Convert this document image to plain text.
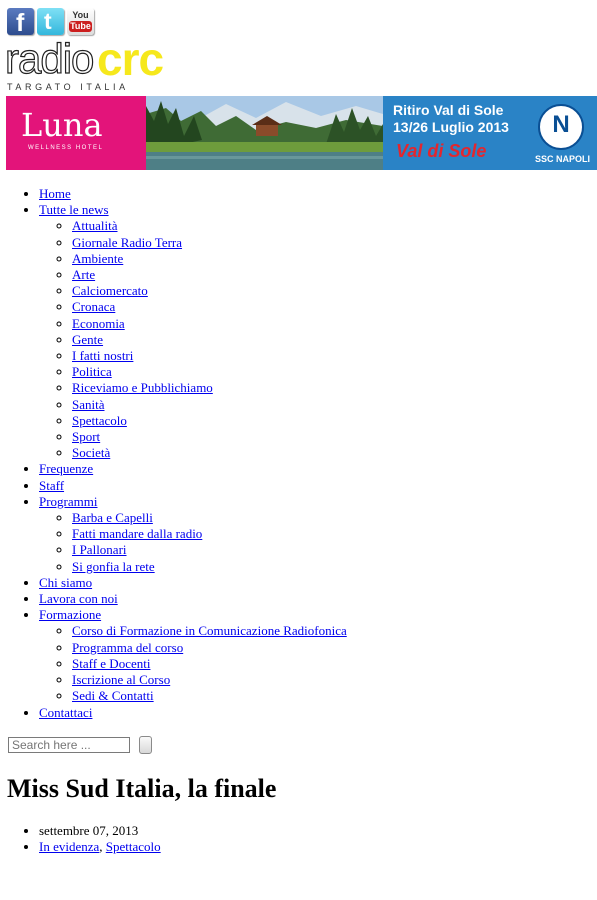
f t	You
Tube
radio crc
TARGATO ITALIA
Luna
WELLNESS HOTEL
Ritiro Val di Sole
13/26 Luglio 2013
Val di Sole
N
SSC NAPOLI
• Home
• Tutte le news
◦ Attualità
◦ Giornale Radio Terra
◦ Ambiente
◦ Arte
◦ Calciomercato
◦ Cronaca
◦ Economia
◦ Gente
◦ I fatti nostri
◦ Politica
◦ Riceviamo e Pubblichiamo
◦ Sanità
◦ Spettacolo
◦ Sport
◦ Società
• Frequenze
• Staff
• Programmi
◦ Barba e Capelli
◦ Fatti mandare dalla radio
◦ I Pallonari
◦ Si gonfia la rete
• Chi siamo
• Lavora con noi
• Formazione
◦ Corso di Formazione in Comunicazione Radiofonica
◦ Programma del corso
◦ Staff e Docenti
◦ Iscrizione al Corso
◦ Sedi & Contatti
• Contattaci
Search here ...
Miss Sud Italia, la finale
• settembre 07, 2013
• In evidenza, Spettacolo
